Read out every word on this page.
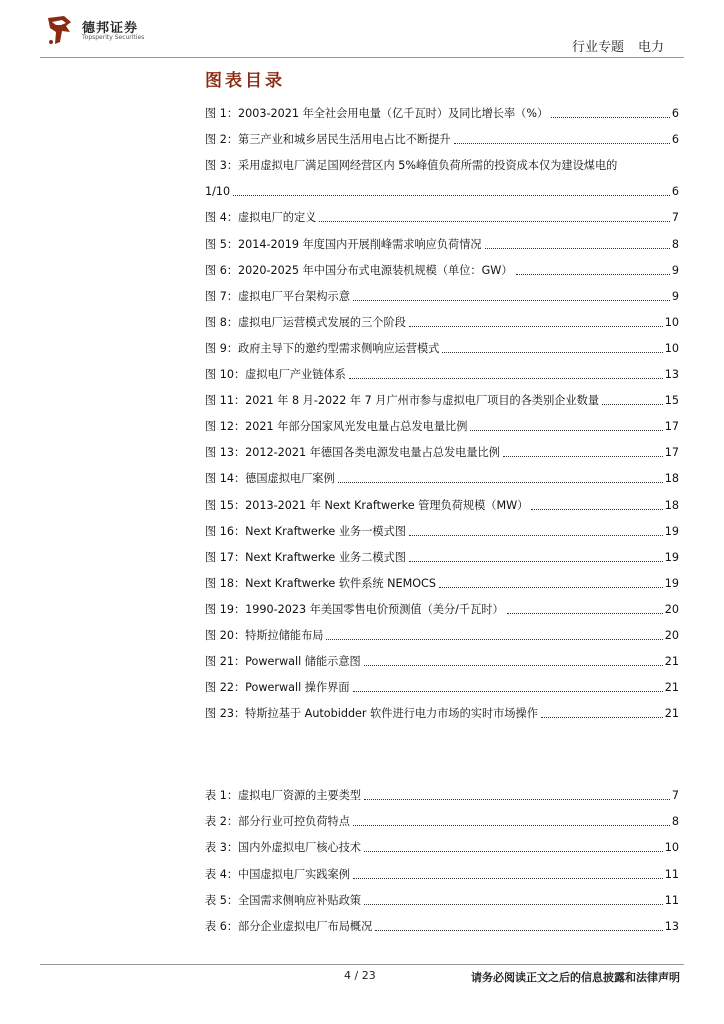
德邦证券
Topsperity Securities
行业专题 电力
图表目录
图 1：2003-2021 年全社会用电量（亿千瓦时）及同比增长率（%）	6
图 2：第三产业和城乡居民生活用电占比不断提升	6
图 3：采用虚拟电厂满足国网经营区内 5%峰值负荷所需的投资成本仅为建设煤电的
1/10	6
图 4：虚拟电厂的定义	7
图 5：2014-2019 年度国内开展削峰需求响应负荷情况	8
图 6：2020-2025 年中国分布式电源装机规模（单位：GW）	9
图 7：虚拟电厂平台架构示意	9
图 8：虚拟电厂运营模式发展的三个阶段	10
图 9：政府主导下的邀约型需求侧响应运营模式	10
图 10：虚拟电厂产业链体系	13
图 11：2021 年 8 月-2022 年 7 月广州市参与虚拟电厂项目的各类别企业数量	15
图 12：2021 年部分国家风光发电量占总发电量比例	17
图 13：2012-2021 年德国各类电源发电量占总发电量比例	17
图 14：德国虚拟电厂案例	18
图 15：2013-2021 年 Next Kraftwerke 管理负荷规模（MW）	18
图 16：Next Kraftwerke 业务一模式图	19
图 17：Next Kraftwerke 业务二模式图	19
图 18：Next Kraftwerke 软件系统 NEMOCS	19
图 19：1990-2023 年美国零售电价预测值（美分/千瓦时）	20
图 20：特斯拉储能布局	20
图 21：Powerwall 储能示意图	21
图 22：Powerwall 操作界面	21
图 23：特斯拉基于 Autobidder 软件进行电力市场的实时市场操作	21
表 1：虚拟电厂资源的主要类型	7
表 2：部分行业可控负荷特点	8
表 3：国内外虚拟电厂核心技术	10
表 4：中国虚拟电厂实践案例	11
表 5：全国需求侧响应补贴政策	11
表 6：部分企业虚拟电厂布局概况	13
4 / 23	请务必阅读正文之后的信息披露和法律声明
